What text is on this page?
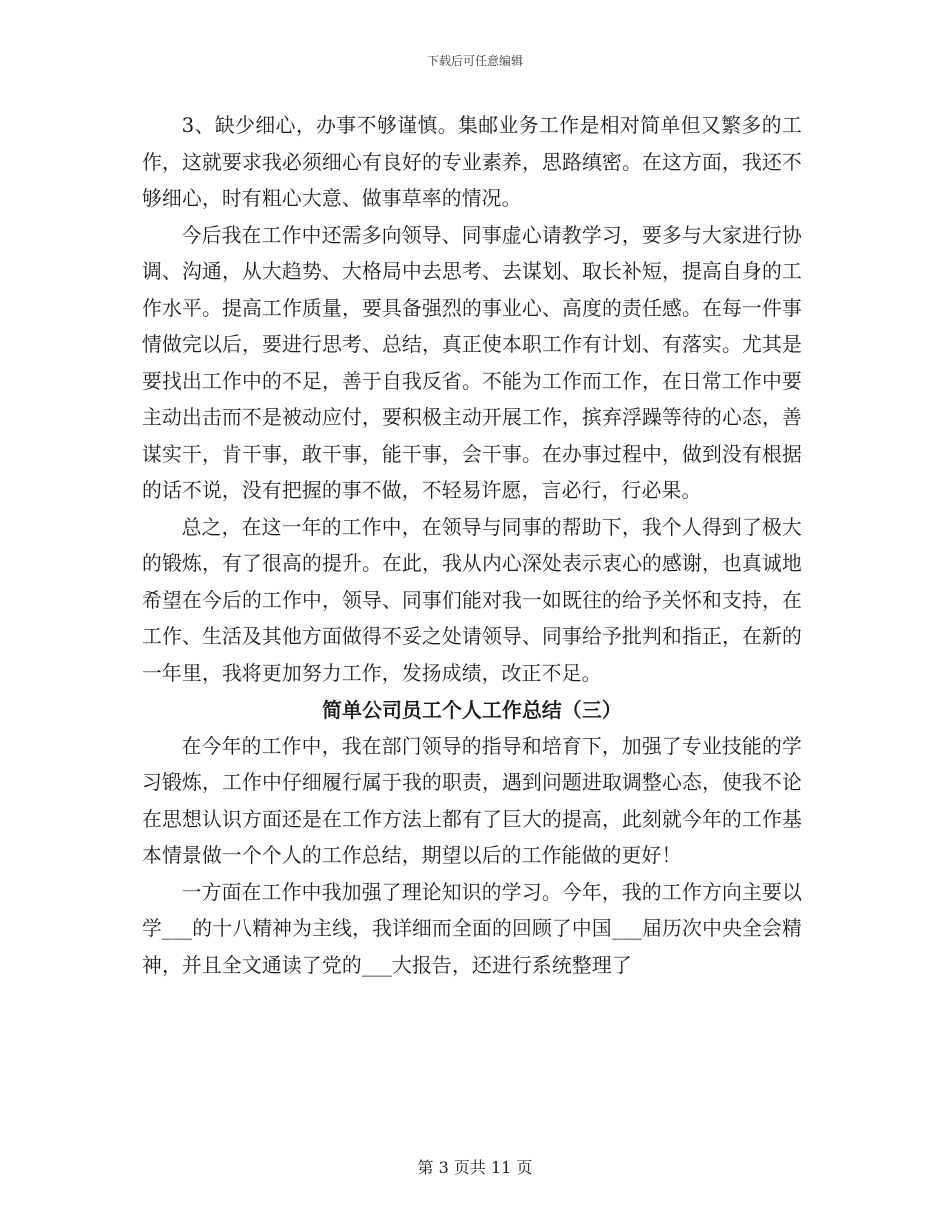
下载后可任意编辑

3、缺少细心，办事不够谨慎。集邮业务工作是相对简单但又繁多的工作，这就要求我必须细心有良好的专业素养，思路缜密。在这方面，我还不够细心，时有粗心大意、做事草率的情况。

今后我在工作中还需多向领导、同事虚心请教学习，要多与大家进行协调、沟通，从大趋势、大格局中去思考、去谋划、取长补短，提高自身的工作水平。提高工作质量，要具备强烈的事业心、高度的责任感。在每一件事情做完以后，要进行思考、总结，真正使本职工作有计划、有落实。尤其是要找出工作中的不足，善于自我反省。不能为工作而工作，在日常工作中要主动出击而不是被动应付，要积极主动开展工作，摈弃浮躁等待的心态，善谋实干，肯干事，敢干事，能干事，会干事。在办事过程中，做到没有根据的话不说，没有把握的事不做，不轻易许愿，言必行，行必果。

总之，在这一年的工作中，在领导与同事的帮助下，我个人得到了极大的锻炼，有了很高的提升。在此，我从内心深处表示衷心的感谢，也真诚地希望在今后的工作中，领导、同事们能对我一如既往的给予关怀和支持，在工作、生活及其他方面做得不妥之处请领导、同事给予批判和指正，在新的一年里，我将更加努力工作，发扬成绩，改正不足。

简单公司员工个人工作总结（三）

在今年的工作中，我在部门领导的指导和培育下，加强了专业技能的学习锻炼，工作中仔细履行属于我的职责，遇到问题进取调整心态，使我不论在思想认识方面还是在工作方法上都有了巨大的提高，此刻就今年的工作基本情景做一个个人的工作总结，期望以后的工作能做的更好！

一方面在工作中我加强了理论知识的学习。今年，我的工作方向主要以学___的十八精神为主线，我详细而全面的回顾了中国___届历次中央全会精神，并且全文通读了党的___大报告，还进行系统整理了

第 3 页共 11 页
